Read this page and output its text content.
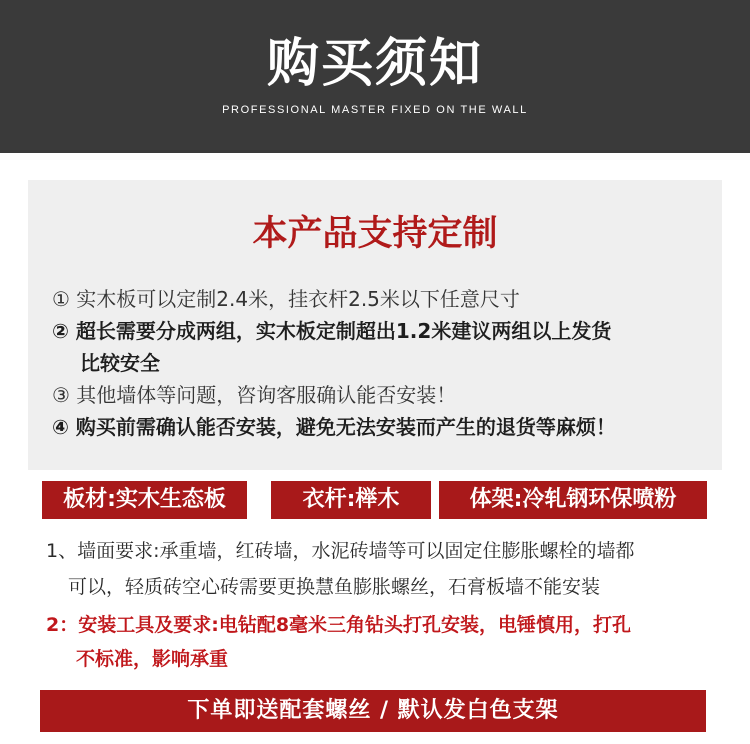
购买须知
PROFESSIONAL MASTER FIXED ON THE WALL
本产品支持定制
① 实木板可以定制2.4米，挂衣杆2.5米以下任意尺寸
② 超长需要分成两组，实木板定制超出1.2米建议两组以上发货
比较安全
③ 其他墙体等问题，咨询客服确认能否安装！
④ 购买前需确认能否安装，避免无法安装而产生的退货等麻烦！
板材:实木生态板	衣杆:榉木	体架:冷轧钢环保喷粉
1、墙面要求:承重墙，红砖墙，水泥砖墙等可以固定住膨胀螺栓的墙都
可以，轻质砖空心砖需要更换慧鱼膨胀螺丝，石膏板墙不能安装
2：安装工具及要求:电钻配8毫米三角钻头打孔安装，电锤慎用，打孔
不标准，影响承重
下单即送配套螺丝 / 默认发白色支架
